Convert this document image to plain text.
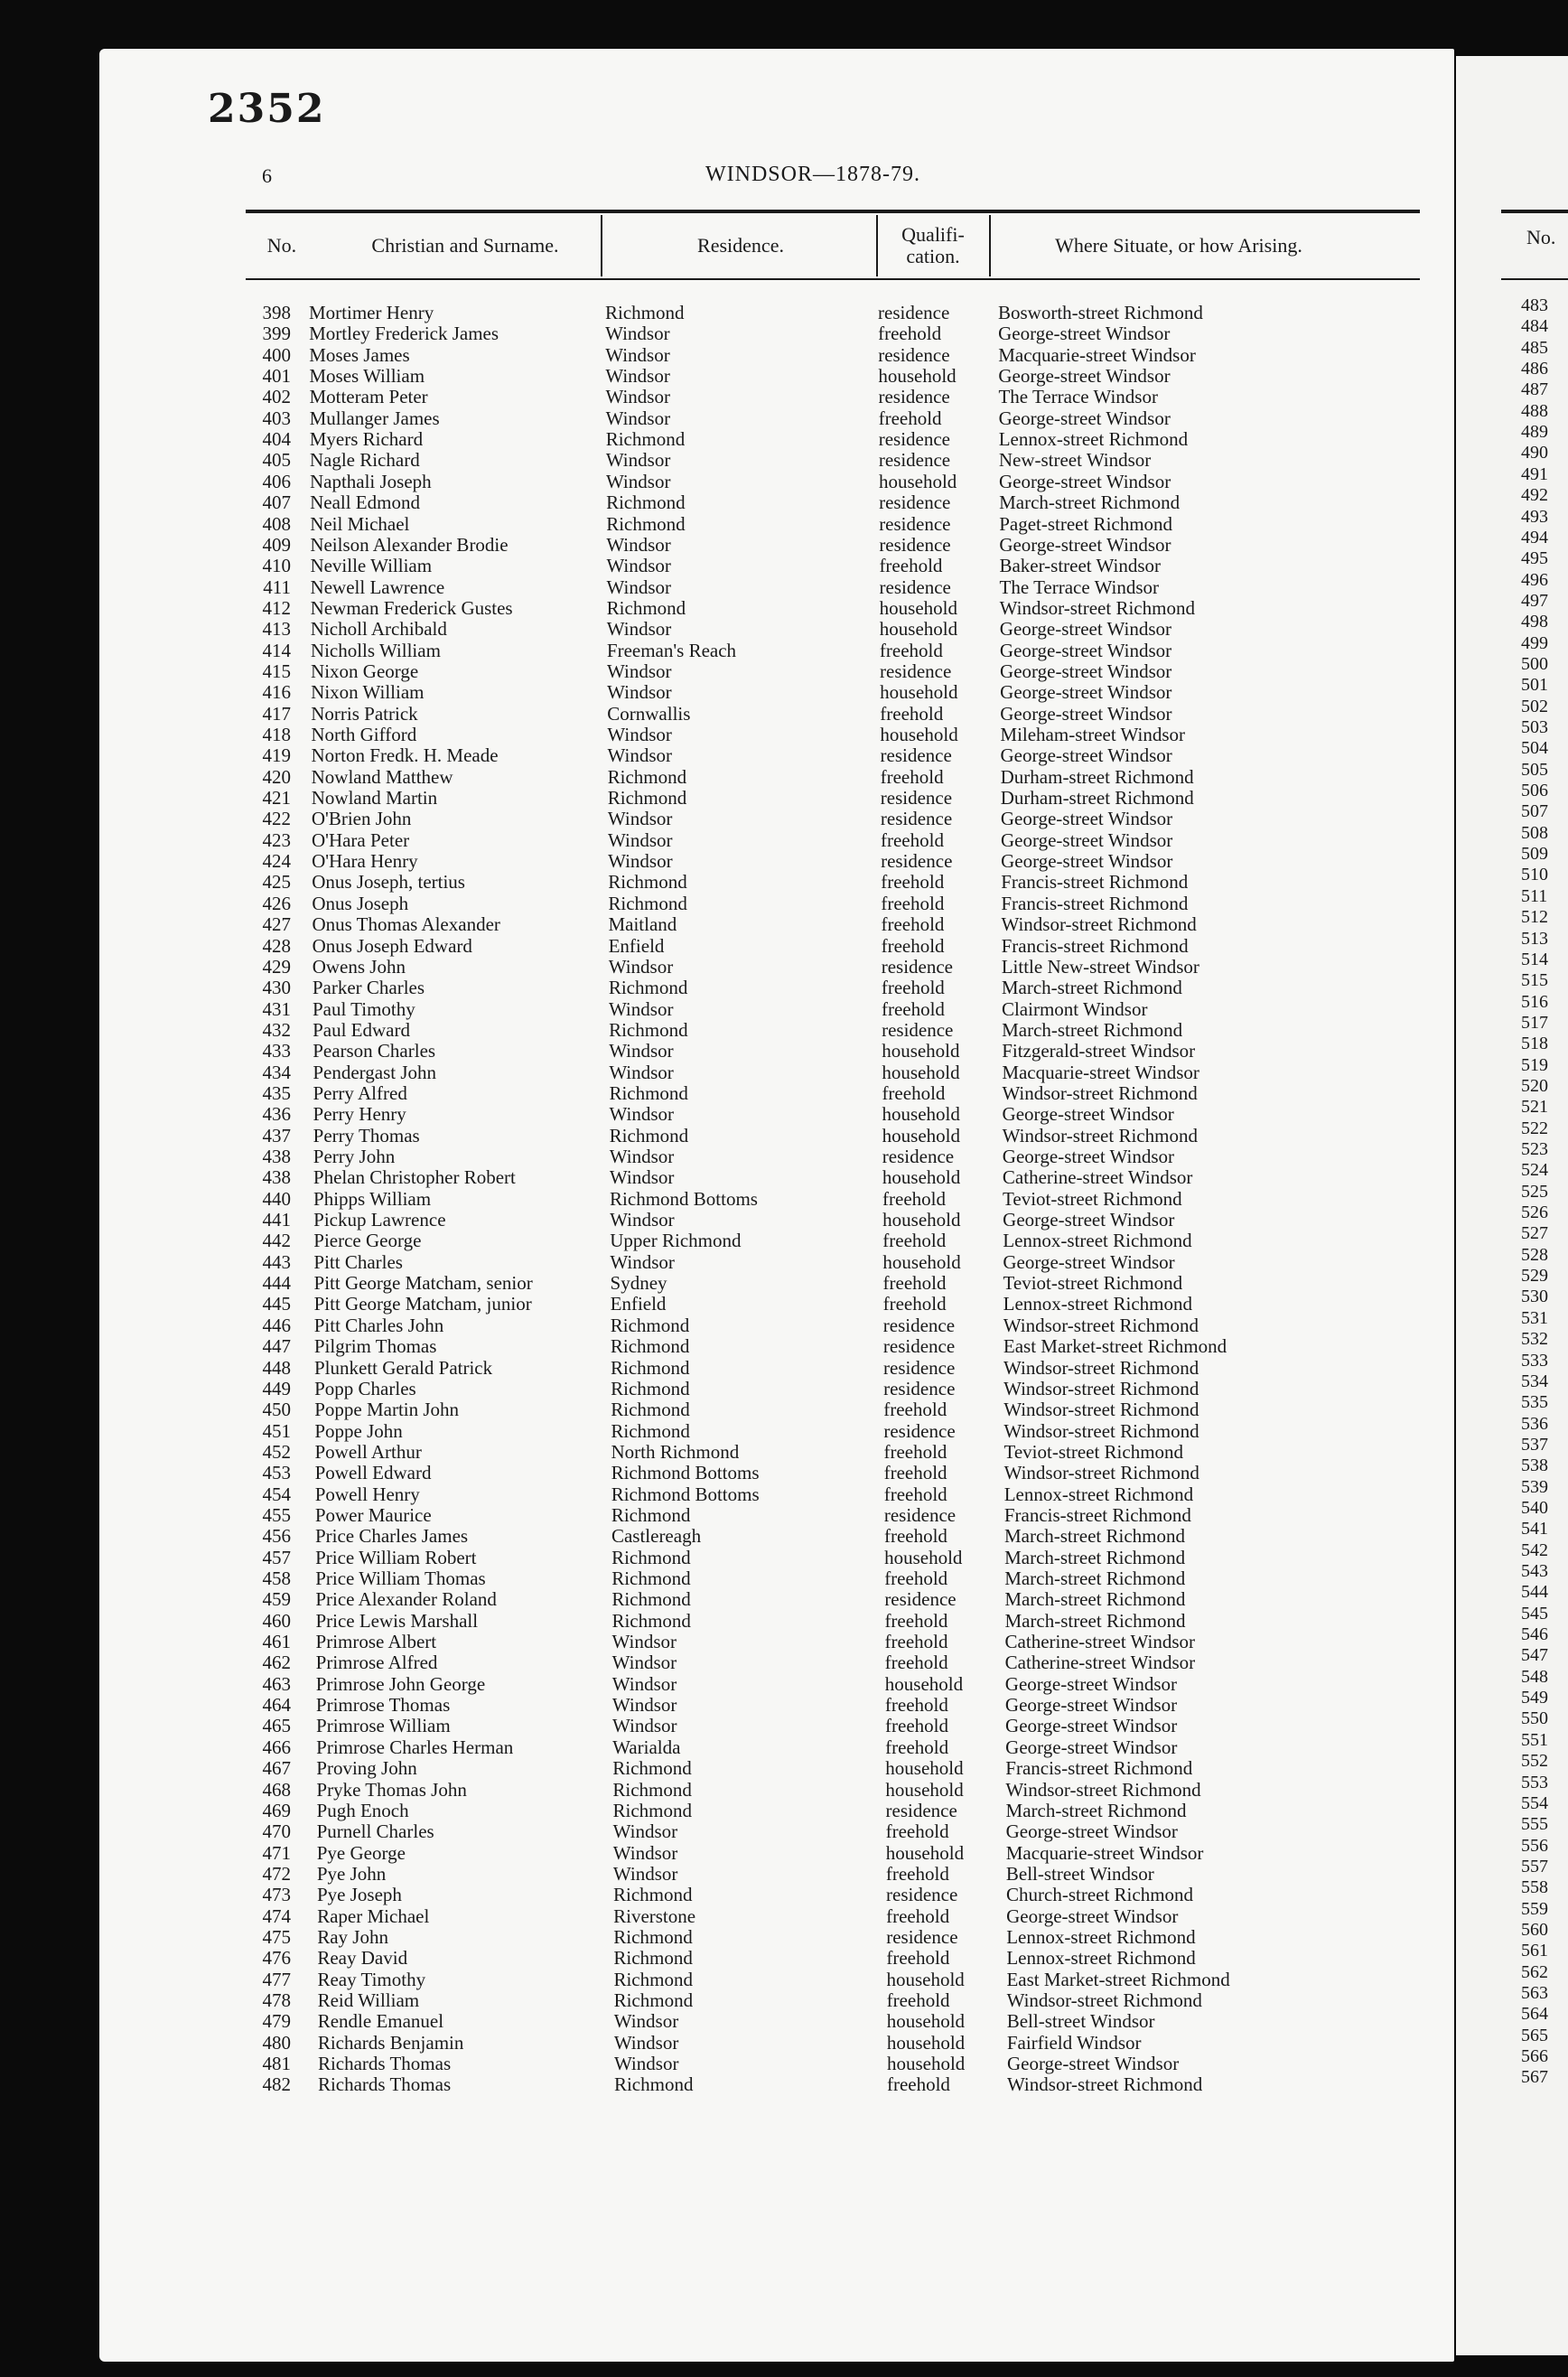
2352
6	WINDSOR—1878-79.
No.	Christian and Surname.	Residence.	Qualifi-
cation.	Where Situate, or how Arising.	No.
398 Mortimer Henry	Richmond	residence	Bosworth-street Richmond
399 Mortley Frederick James	Windsor	freehold	George-street Windsor
400 Moses James	Windsor	residence	Macquarie-street Windsor
401 Moses William	Windsor	household George-street Windsor
402 Motteram Peter	Windsor	residence	The Terrace Windsor
403 Mullanger James	Windsor	freehold	George-street Windsor
404 Myers Richard	Richmond	residence	Lennox-street Richmond
405 Nagle Richard	Windsor	residence	New-street Windsor
406 Napthali Joseph	Windsor	household George-street Windsor
407 Neall Edmond	Richmond	residence	March-street Richmond
408 Neil Michael	Richmond	residence	Paget-street Richmond
409 Neilson Alexander Brodie	Windsor	residence	George-street Windsor
410 Neville William	Windsor	freehold	Baker-street Windsor
411 Newell Lawrence	Windsor	residence	The Terrace Windsor
412 Newman Frederick Gustes	Richmond	household Windsor-street Richmond
413 Nicholl Archibald	Windsor	household George-street Windsor
414 Nicholls William	Freeman's Reach	freehold	George-street Windsor
415 Nixon George	Windsor	residence	George-street Windsor
416 Nixon William	Windsor	household George-street Windsor
417 Norris Patrick	Cornwallis	freehold	George-street Windsor
418 North Gifford	Windsor	household Mileham-street Windsor
419 Norton Fredk. H. Meade	Windsor	residence	George-street Windsor
420 Nowland Matthew	Richmond	freehold	Durham-street Richmond
421 Nowland Martin	Richmond	residence	Durham-street Richmond
422 O'Brien John	Windsor	residence	George-street Windsor
423 O'Hara Peter	Windsor	freehold	George-street Windsor
424 O'Hara Henry	Windsor	residence	George-street Windsor
425 Onus Joseph, tertius	Richmond	freehold	Francis-street Richmond
426 Onus Joseph	Richmond	freehold	Francis-street Richmond
427 Onus Thomas Alexander	Maitland	freehold	Windsor-street Richmond
428 Onus Joseph Edward	Enfield	freehold	Francis-street Richmond
429 Owens John	Windsor	residence	Little New-street Windsor
430 Parker Charles	Richmond	freehold	March-street Richmond
431 Paul Timothy	Windsor	freehold	Clairmont Windsor
432 Paul Edward	Richmond	residence	March-street Richmond
433 Pearson Charles	Windsor	household Fitzgerald-street Windsor
434 Pendergast John	Windsor	household Macquarie-street Windsor
435 Perry Alfred	Richmond	freehold	Windsor-street Richmond
436 Perry Henry	Windsor	household George-street Windsor
437 Perry Thomas	Richmond	household Windsor-street Richmond
438 Perry John	Windsor	residence	George-street Windsor
438 Phelan Christopher Robert	Windsor	household Catherine-street Windsor
440 Phipps William	Richmond Bottoms	freehold	Teviot-street Richmond
441 Pickup Lawrence	Windsor	household George-street Windsor
442 Pierce George	Upper Richmond	freehold	Lennox-street Richmond
443 Pitt Charles	Windsor	household George-street Windsor
444 Pitt George Matcham, senior	Sydney	freehold	Teviot-street Richmond
445 Pitt George Matcham, junior	Enfield	freehold	Lennox-street Richmond
446 Pitt Charles John	Richmond	residence	Windsor-street Richmond
447 Pilgrim Thomas	Richmond	residence	East Market-street Richmond
448 Plunkett Gerald Patrick	Richmond	residence	Windsor-street Richmond
449 Popp Charles	Richmond	residence	Windsor-street Richmond
450 Poppe Martin John	Richmond	freehold	Windsor-street Richmond
451 Poppe John	Richmond	residence	Windsor-street Richmond
452 Powell Arthur	North Richmond	freehold	Teviot-street Richmond
453 Powell Edward	Richmond Bottoms	freehold	Windsor-street Richmond
454 Powell Henry	Richmond Bottoms	freehold	Lennox-street Richmond
455 Power Maurice	Richmond	residence	Francis-street Richmond
456 Price Charles James	Castlereagh	freehold	March-street Richmond
457 Price William Robert	Richmond	household March-street Richmond
458 Price William Thomas	Richmond	freehold	March-street Richmond
459 Price Alexander Roland	Richmond	residence	March-street Richmond
460 Price Lewis Marshall	Richmond	freehold	March-street Richmond
461 Primrose Albert	Windsor	freehold	Catherine-street Windsor
462 Primrose Alfred	Windsor	freehold	Catherine-street Windsor
463 Primrose John George	Windsor	household George-street Windsor
464 Primrose Thomas	Windsor	freehold	George-street Windsor
465 Primrose William	Windsor	freehold	George-street Windsor
466 Primrose Charles Herman	Warialda	freehold	George-street Windsor
467 Proving John	Richmond	household Francis-street Richmond
468 Pryke Thomas John	Richmond	household Windsor-street Richmond
469 Pugh Enoch	Richmond	residence	March-street Richmond
470 Purnell Charles	Windsor	freehold	George-street Windsor
471 Pye George	Windsor	household Macquarie-street Windsor
472 Pye John	Windsor	freehold	Bell-street Windsor
473 Pye Joseph	Richmond	residence	Church-street Richmond
474 Raper Michael	Riverstone	freehold	George-street Windsor
475 Ray John	Richmond	residence	Lennox-street Richmond
476 Reay David	Richmond	freehold	Lennox-street Richmond
477 Reay Timothy	Richmond	household East Market-street Richmond
478 Reid William	Richmond	freehold	Windsor-street Richmond
479 Rendle Emanuel	Windsor	household Bell-street Windsor
480 Richards Benjamin	Windsor	household Fairfield Windsor
481 Richards Thomas	Windsor	household George-street Windsor
482 Richards Thomas	Richmond	freehold	Windsor-street Richmond
483
484
485
486
487
488
489
490
491
492
493
494
495
496
497
498
499
500
501
502
503
504
505
506
507
508
509
510
511
512
513
514
515
516
517
518
519
520
521
522
523
524
525
526
527
528
529
530
531
532
533
534
535
536
537
538
539
540
541
542
543
544
545
546
547
548
549
550
551
552
553
554
555
556
557
558
559
560
561
562
563
564
565
566
567
